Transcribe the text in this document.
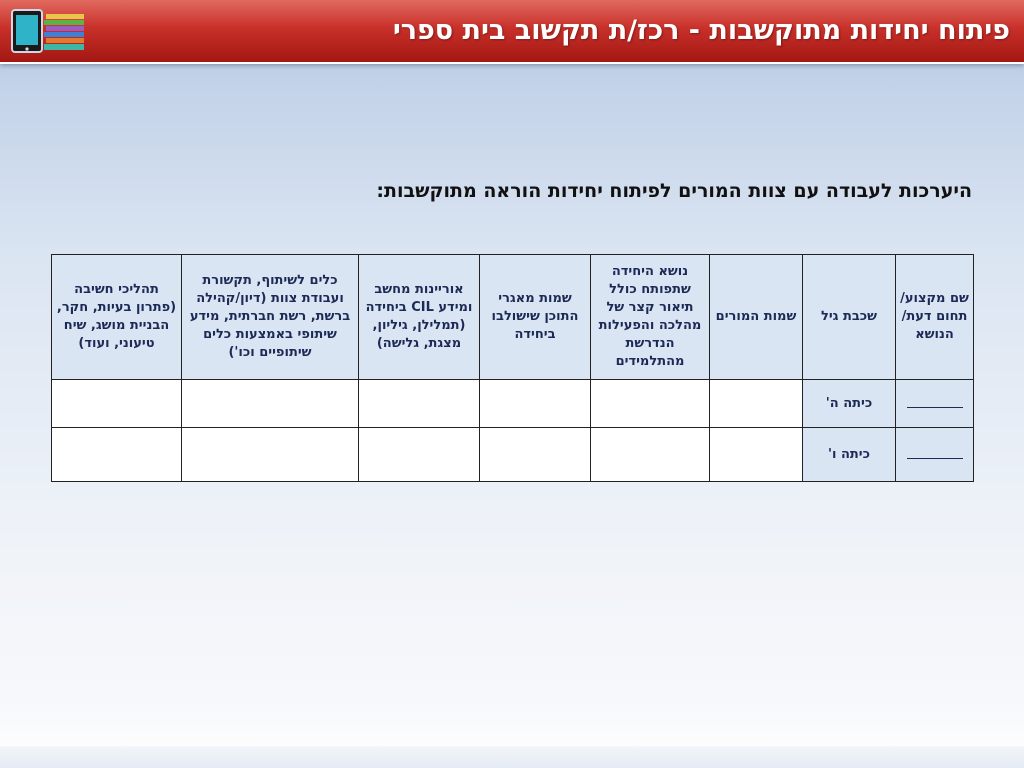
פיתוח יחידות מתוקשבות - רכז/ת תקשוב בית ספרי
היערכות לעבודה עם צוות המורים לפיתוח יחידות הוראה מתוקשבות:
שם מקצוע/ תחום דעת/ הנושא	שכבת גיל	שמות המורים	נושא היחידה שתפותח כולל תיאור קצר של מהלכה והפעילות הנדרשת מהתלמידים	שמות מאגרי התוכן שישולבו ביחידה	אוריינות מחשב ומידע CIL ביחידה (תמלילן, גיליון, מצגת, גלישה)	כלים לשיתוף, תקשורת ועבודת צוות (דיון/קהילה ברשת, רשת חברתית, מידע שיתופי באמצעות כלים שיתופיים וכו')	תהליכי חשיבה (פתרון בעיות, חקר, הבניית מושג, שיח טיעוני, ועוד)
	כיתה ה'						
	כיתה ו'						
